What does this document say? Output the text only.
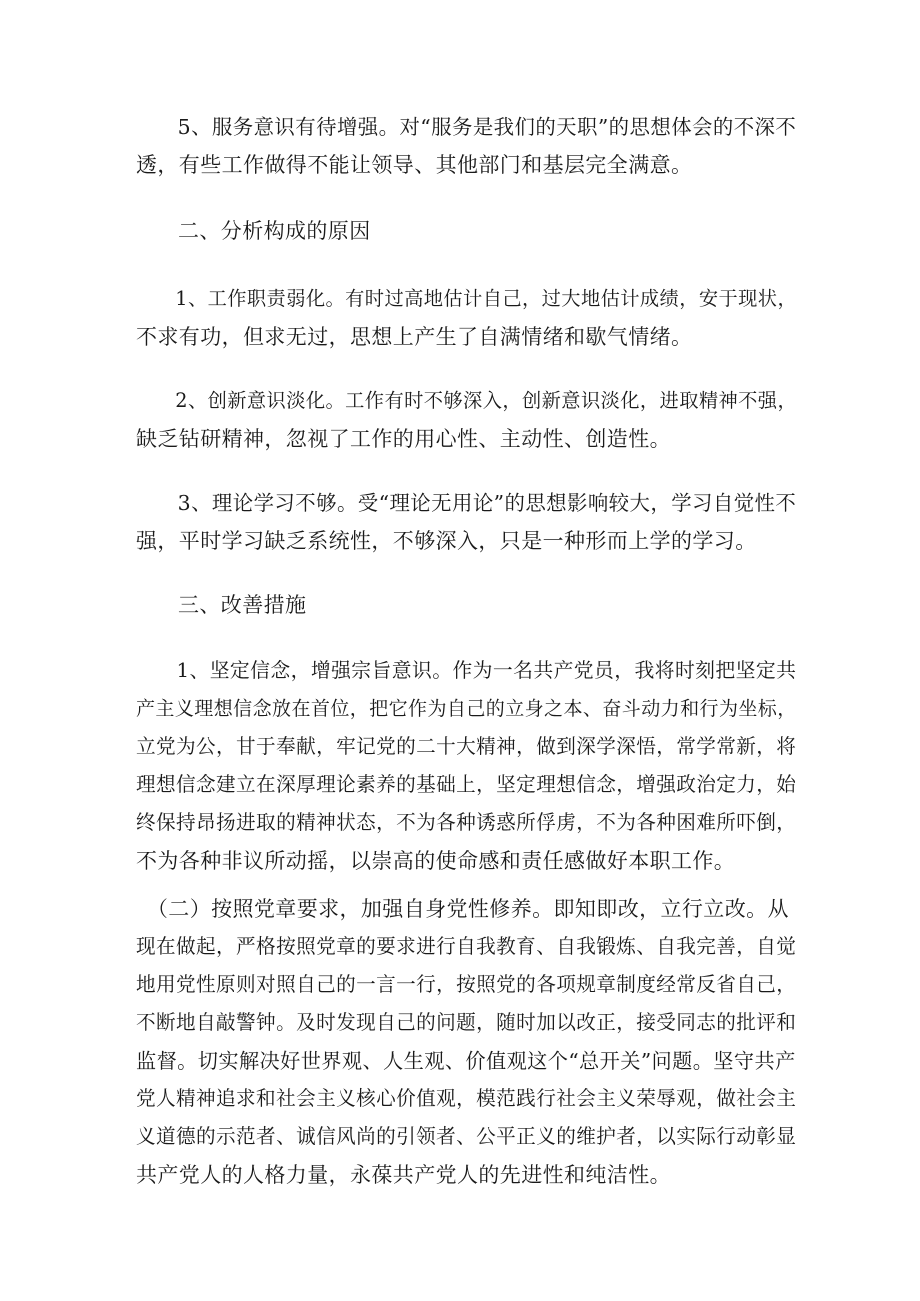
　　5、服务意识有待增强。对“服务是我们的天职”的思想体会的不深不
透，有些工作做得不能让领导、其他部门和基层完全满意。

二、分析构成的原因

　　1、工作职责弱化。有时过高地估计自己，过大地估计成绩，安于现状，
不求有功，但求无过，思想上产生了自满情绪和歇气情绪。

　　2、创新意识淡化。工作有时不够深入，创新意识淡化，进取精神不强，
缺乏钻研精神，忽视了工作的用心性、主动性、创造性。

　　3、理论学习不够。受“理论无用论”的思想影响较大，学习自觉性不
强，平时学习缺乏系统性，不够深入，只是一种形而上学的学习。

三、改善措施

　　1、坚定信念，增强宗旨意识。作为一名共产党员，我将时刻把坚定共
产主义理想信念放在首位，把它作为自己的立身之本、奋斗动力和行为坐标，
立党为公，甘于奉献，牢记党的二十大精神，做到深学深悟，常学常新，将
理想信念建立在深厚理论素养的基础上，坚定理想信念，增强政治定力，始
终保持昂扬进取的精神状态，不为各种诱惑所俘虏，不为各种困难所吓倒，
不为各种非议所动摇，以崇高的使命感和责任感做好本职工作。

　（二）按照党章要求，加强自身党性修养。即知即改，立行立改。从
现在做起，严格按照党章的要求进行自我教育、自我锻炼、自我完善，自觉
地用党性原则对照自己的一言一行，按照党的各项规章制度经常反省自己，
不断地自敲警钟。及时发现自己的问题，随时加以改正，接受同志的批评和
监督。切实解决好世界观、人生观、价值观这个“总开关”问题。坚守共产
党人精神追求和社会主义核心价值观，模范践行社会主义荣辱观，做社会主
义道德的示范者、诚信风尚的引领者、公平正义的维护者，以实际行动彰显
共产党人的人格力量，永葆共产党人的先进性和纯洁性。
